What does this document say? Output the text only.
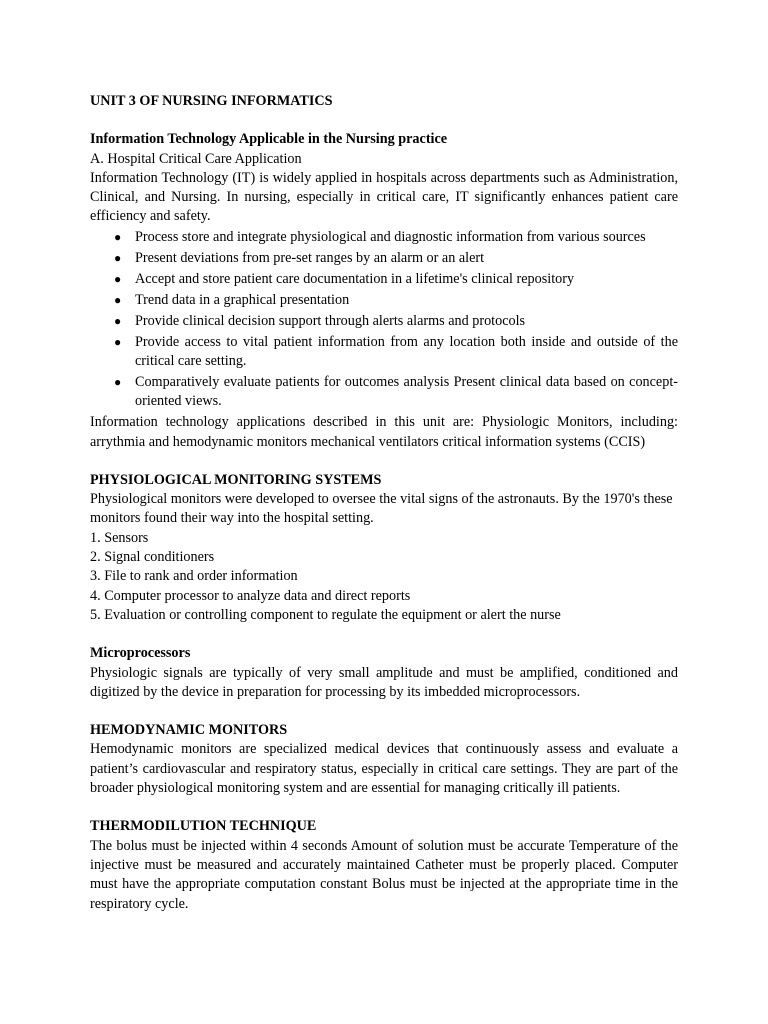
UNIT 3 OF NURSING INFORMATICS
Information Technology Applicable in the Nursing practice

A. Hospital Critical Care Application

Information Technology (IT) is widely applied in hospitals across departments such as Administration, Clinical, and Nursing. In nursing, especially in critical care, IT significantly enhances patient care efficiency and safety.

● Process store and integrate physiological and diagnostic information from various sources
● Present deviations from pre-set ranges by an alarm or an alert
● Accept and store patient care documentation in a lifetime's clinical repository
● Trend data in a graphical presentation
● Provide clinical decision support through alerts alarms and protocols
● Provide access to vital patient information from any location both inside and outside of the critical care setting.
● Comparatively evaluate patients for outcomes analysis Present clinical data based on concept-oriented views.

Information technology applications described in this unit are: Physiologic Monitors, including: arrythmia and hemodynamic monitors mechanical ventilators critical information systems (CCIS)

PHYSIOLOGICAL MONITORING SYSTEMS

Physiological monitors were developed to oversee the vital signs of the astronauts. By the 1970's these monitors found their way into the hospital setting.

1. Sensors

2. Signal conditioners

3. File to rank and order information

4. Computer processor to analyze data and direct reports

5. Evaluation or controlling component to regulate the equipment or alert the nurse

Microprocessors

Physiologic signals are typically of very small amplitude and must be amplified, conditioned and digitized by the device in preparation for processing by its imbedded microprocessors.

HEMODYNAMIC MONITORS

Hemodynamic monitors are specialized medical devices that continuously assess and evaluate a patient’s cardiovascular and respiratory status, especially in critical care settings. They are part of the broader physiological monitoring system and are essential for managing critically ill patients.

THERMODILUTION TECHNIQUE

The bolus must be injected within 4 seconds Amount of solution must be accurate Temperature of the injective must be measured and accurately maintained Catheter must be properly placed. Computer must have the appropriate computation constant Bolus must be injected at the appropriate time in the respiratory cycle.
